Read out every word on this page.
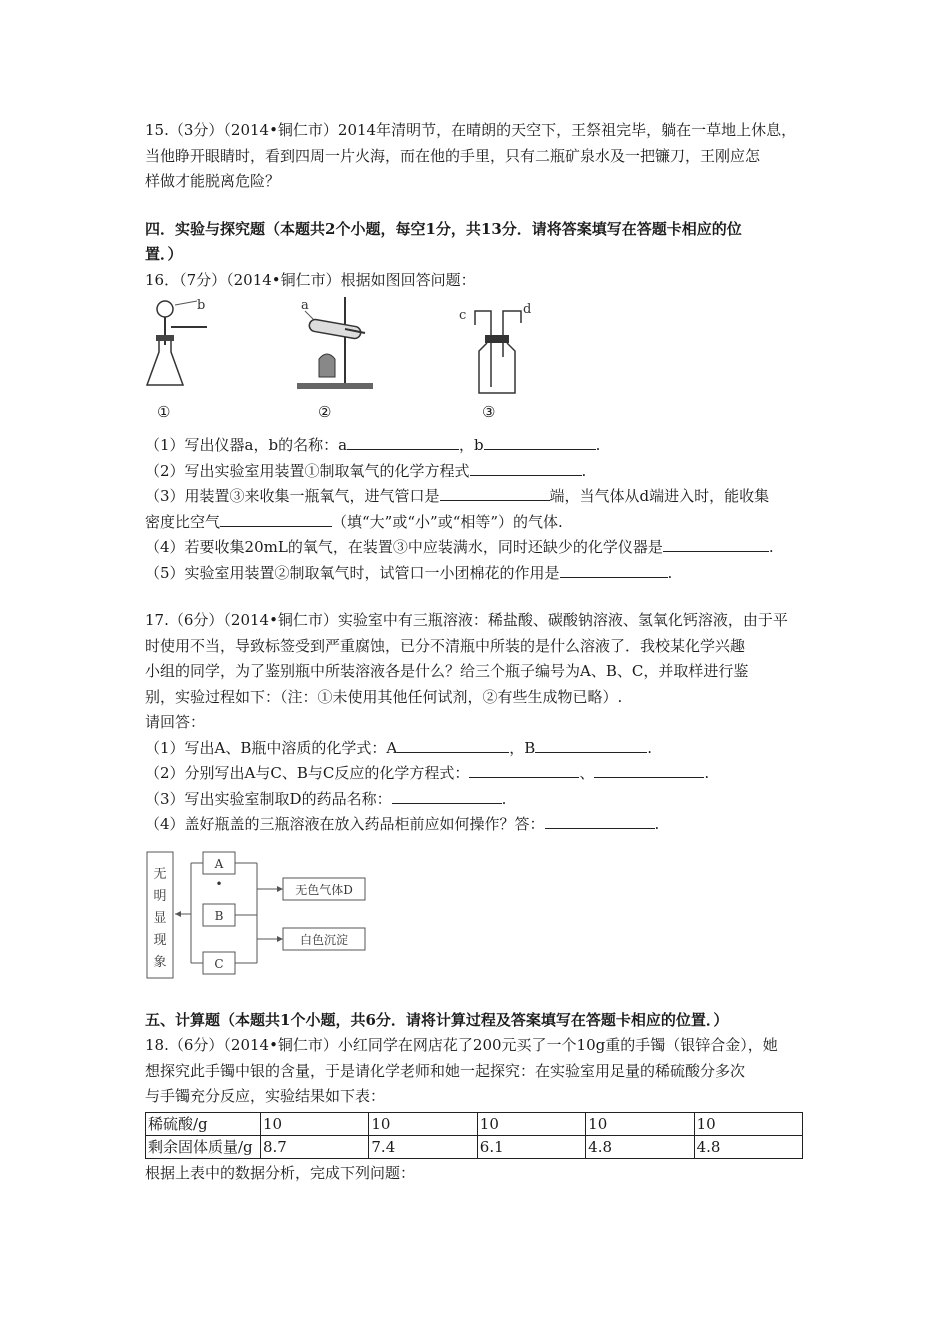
15.（3分）（2014•铜仁市）2014年清明节，在晴朗的天空下，王祭祖完毕，躺在一草地上休息，

当他睁开眼睛时，看到四周一片火海，而在他的手里，只有二瓶矿泉水及一把镰刀，王刚应怎

样做才能脱离危险？

四．实验与探究题（本题共2个小题，每空1分，共13分．请将答案填写在答题卡相应的位

置．）

16．（7分）（2014•铜仁市）根据如图回答问题：

b	a
c	d
①	②	③

（1）写出仪器a，b的名称：a	，b	.

（2）写出实验室用装置①制取氧气的化学方程式	.

（3）用装置③来收集一瓶氧气，进气管口是	端，当气体从d端进入时，能收集

密度比空气	（填“大”或“小”或“相等”）的气体.

（4）若要收集20mL的氧气，在装置③中应装满水，同时还缺少的化学仪器是	.

（5）实验室用装置②制取氧气时，试管口一小团棉花的作用是	.

17.（6分）（2014•铜仁市）实验室中有三瓶溶液：稀盐酸、碳酸钠溶液、氢氧化钙溶液，由于平

时使用不当，导致标签受到严重腐蚀，已分不清瓶中所装的是什么溶液了．我校某化学兴趣

小组的同学，为了鉴别瓶中所装溶液各是什么？给三个瓶子编号为A、B、C，并取样进行鉴

别，实验过程如下：（注：①未使用其他任何试剂，②有些生成物已略）.

请回答：

（1）写出A、B瓶中溶质的化学式：A	，B	.

（2）分别写出A与C、B与C反应的化学方程式：	、	.

（3）写出实验室制取D的药品名称：	.

（4）盖好瓶盖的三瓶溶液在放入药品柜前应如何操作？答：	.

无
明
显
现
象
A
•
B
C
无色气体D
白色沉淀

五、计算题（本题共1个小题，共6分．请将计算过程及答案填写在答题卡相应的位置．）

18.（6分）（2014•铜仁市）小红同学在网店花了200元买了一个10g重的手镯（银锌合金），她

想探究此手镯中银的含量，于是请化学老师和她一起探究：在实验室用足量的稀硫酸分多次

与手镯充分反应，实验结果如下表：

稀硫酸/g	10	10	10	10	10
剩余固体质量/g	8.7	7.4	6.1	4.8	4.8

根据上表中的数据分析，完成下列问题：
